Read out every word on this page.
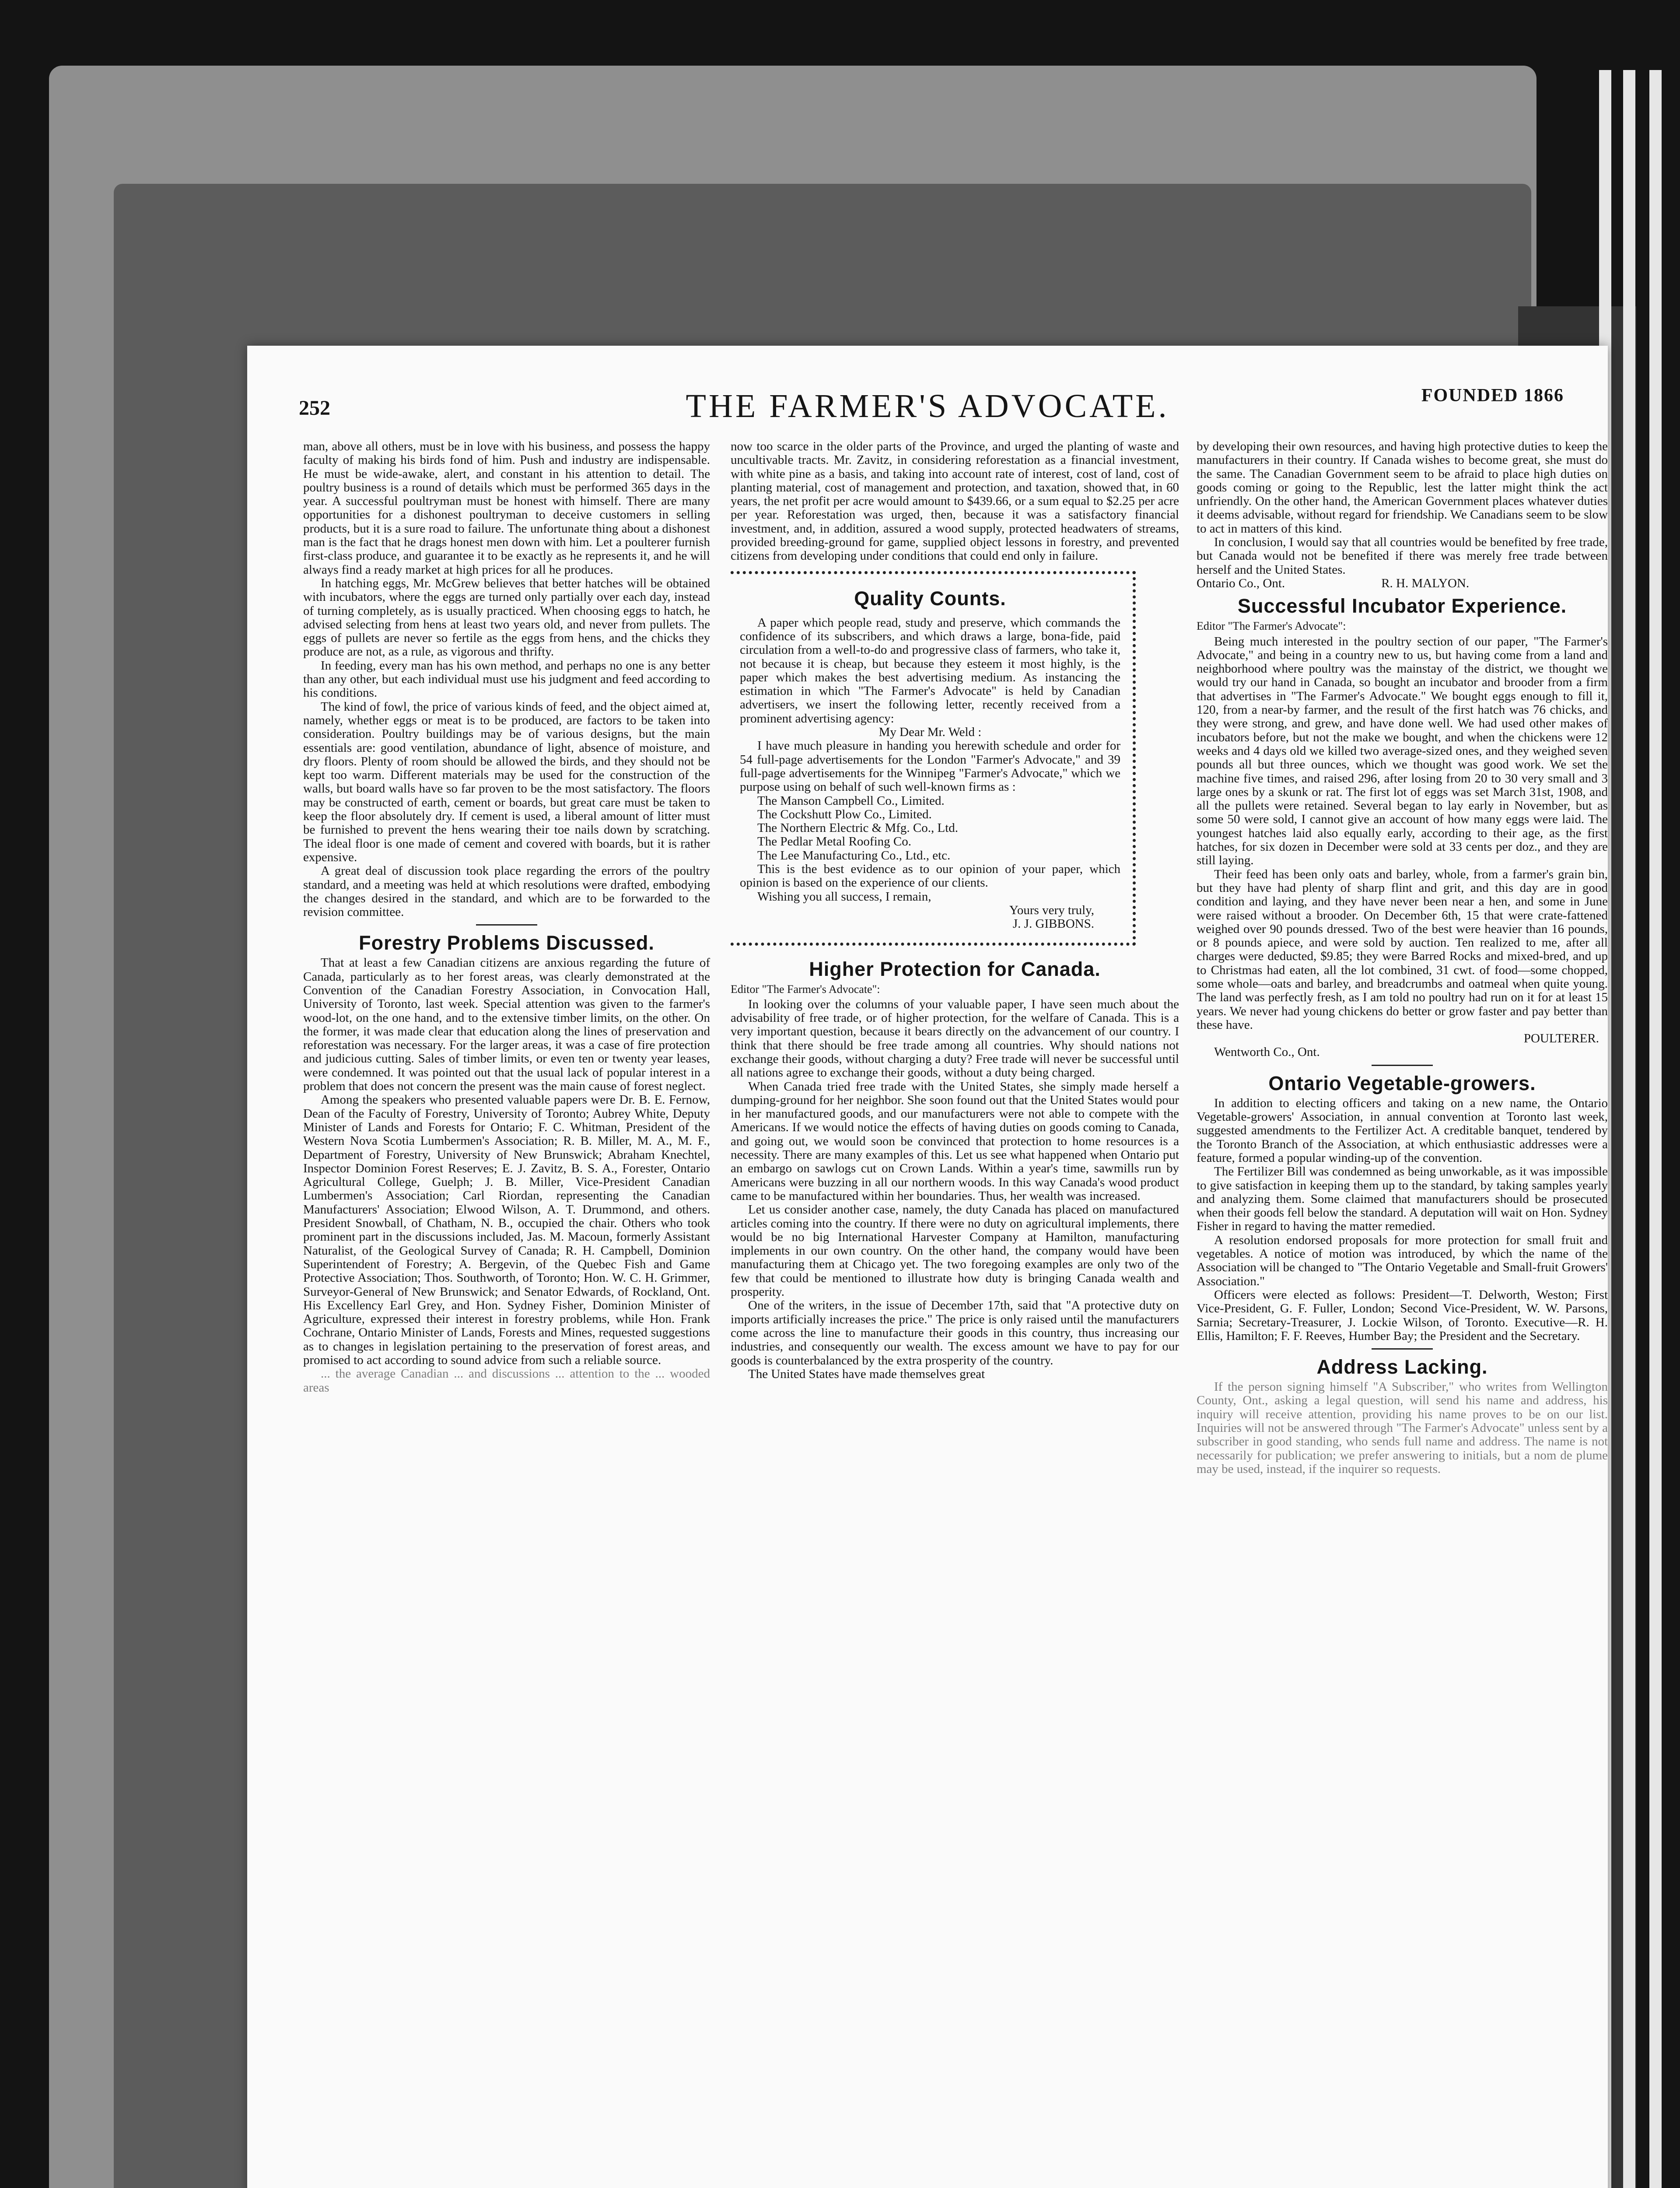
252	THE FARMER'S ADVOCATE.	FOUNDED 1866

man, above all others, must be in love with his business, and possess the happy faculty of making his birds fond of him. Push and industry are indispensable. He must be wide-awake, alert, and constant in his attention to detail. The poultry business is a round of details which must be performed 365 days in the year. A successful poultryman must be honest with himself. There are many opportunities for a dishonest poultryman to deceive customers in selling products, but it is a sure road to failure. The unfortunate thing about a dishonest man is the fact that he drags honest men down with him. Let a poulterer furnish first-class produce, and guarantee it to be exactly as he represents it, and he will always find a ready market at high prices for all he produces.

In hatching eggs, Mr. McGrew believes that better hatches will be obtained with incubators, where the eggs are turned only partially over each day, instead of turning completely, as is usually practiced. When choosing eggs to hatch, he advised selecting from hens at least two years old, and never from pullets. The eggs of pullets are never so fertile as the eggs from hens, and the chicks they produce are not, as a rule, as vigorous and thrifty.

In feeding, every man has his own method, and perhaps no one is any better than any other, but each individual must use his judgment and feed according to his conditions.

The kind of fowl, the price of various kinds of feed, and the object aimed at, namely, whether eggs or meat is to be produced, are factors to be taken into consideration. Poultry buildings may be of various designs, but the main essentials are: good ventilation, abundance of light, absence of moisture, and dry floors. Plenty of room should be allowed the birds, and they should not be kept too warm. Different materials may be used for the construction of the walls, but board walls have so far proven to be the most satisfactory. The floors may be constructed of earth, cement or boards, but great care must be taken to keep the floor absolutely dry. If cement is used, a liberal amount of litter must be furnished to prevent the hens wearing their toe nails down by scratching. The ideal floor is one made of cement and covered with boards, but it is rather expensive.

A great deal of discussion took place regarding the errors of the poultry standard, and a meeting was held at which resolutions were drafted, embodying the changes desired in the standard, and which are to be forwarded to the revision committee.

Forestry Problems Discussed.

That at least a few Canadian citizens are anxious regarding the future of Canada, particularly as to her forest areas, was clearly demonstrated at the Convention of the Canadian Forestry Association, in Convocation Hall, University of Toronto, last week. Special attention was given to the farmer's wood-lot, on the one hand, and to the extensive timber limits, on the other. On the former, it was made clear that education along the lines of preservation and reforestation was necessary. For the larger areas, it was a case of fire protection and judicious cutting. Sales of timber limits, or even ten or twenty year leases, were condemned. It was pointed out that the usual lack of popular interest in a problem that does not concern the present was the main cause of forest neglect.

Among the speakers who presented valuable papers were Dr. B. E. Fernow, Dean of the Faculty of Forestry, University of Toronto; Aubrey White, Deputy Minister of Lands and Forests for Ontario; F. C. Whitman, President of the Western Nova Scotia Lumbermen's Association; R. B. Miller, M. A., M. F., Department of Forestry, University of New Brunswick; Abraham Knechtel, Inspector Dominion Forest Reserves; E. J. Zavitz, B. S. A., Forester, Ontario Agricultural College, Guelph; J. B. Miller, Vice-President Canadian Lumbermen's Association; Carl Riordan, representing the Canadian Manufacturers' Association; Elwood Wilson, A. T. Drummond, and others. President Snowball, of Chatham, N. B., occupied the chair. Others who took prominent part in the discussions included, Jas. M. Macoun, formerly Assistant Naturalist, of the Geological Survey of Canada; R. H. Campbell, Dominion Superintendent of Forestry; A. Bergevin, of the Quebec Fish and Game Protective Association; Thos. Southworth, of Toronto; Hon. W. C. H. Grimmer, Surveyor-General of New Brunswick; and Senator Edwards, of Rockland, Ont. His Excellency Earl Grey, and Hon. Sydney Fisher, Dominion Minister of Agriculture, expressed their interest in forestry problems, while Hon. Frank Cochrane, Ontario Minister of Lands, Forests and Mines, requested suggestions as to changes in legislation pertaining to the preservation of forest areas, and promised to act according to sound advice from such a reliable source.

... the average Canadian ... and discussions ... attention to the ... wooded areas

now too scarce in the older parts of the Province, and urged the planting of waste and uncultivable tracts. Mr. Zavitz, in considering reforestation as a financial investment, with white pine as a basis, and taking into account rate of interest, cost of land, cost of planting material, cost of management and protection, and taxation, showed that, in 60 years, the net profit per acre would amount to $439.66, or a sum equal to $2.25 per acre per year. Reforestation was urged, then, because it was a satisfactory financial investment, and, in addition, assured a wood supply, protected headwaters of streams, provided breeding-ground for game, supplied object lessons in forestry, and prevented citizens from developing under conditions that could end only in failure.

Quality Counts.

A paper which people read, study and preserve, which commands the confidence of its subscribers, and which draws a large, bona-fide, paid circulation from a well-to-do and progressive class of farmers, who take it, not because it is cheap, but because they esteem it most highly, is the paper which makes the best advertising medium. As instancing the estimation in which "The Farmer's Advocate" is held by Canadian advertisers, we insert the following letter, recently received from a prominent advertising agency:

My Dear Mr. Weld :

I have much pleasure in handing you herewith schedule and order for 54 full-page advertisements for the London "Farmer's Advocate," and 39 full-page advertisements for the Winnipeg "Farmer's Advocate," which we purpose using on behalf of such well-known firms as :

The Manson Campbell Co., Limited.

The Cockshutt Plow Co., Limited.

The Northern Electric & Mfg. Co., Ltd.

The Pedlar Metal Roofing Co.

The Lee Manufacturing Co., Ltd., etc.

This is the best evidence as to our opinion of your paper, which opinion is based on the experience of our clients.

Wishing you all success, I remain,

Yours very truly,

J. J. GIBBONS.

Higher Protection for Canada.

Editor "The Farmer's Advocate":

In looking over the columns of your valuable paper, I have seen much about the advisability of free trade, or of higher protection, for the welfare of Canada. This is a very important question, because it bears directly on the advancement of our country. I think that there should be free trade among all countries. Why should nations not exchange their goods, without charging a duty? Free trade will never be successful until all nations agree to exchange their goods, without a duty being charged.

When Canada tried free trade with the United States, she simply made herself a dumping-ground for her neighbor. She soon found out that the United States would pour in her manufactured goods, and our manufacturers were not able to compete with the Americans. If we would notice the effects of having duties on goods coming to Canada, and going out, we would soon be convinced that protection to home resources is a necessity. There are many examples of this. Let us see what happened when Ontario put an embargo on sawlogs cut on Crown Lands. Within a year's time, sawmills run by Americans were buzzing in all our northern woods. In this way Canada's wood product came to be manufactured within her boundaries. Thus, her wealth was increased.

Let us consider another case, namely, the duty Canada has placed on manufactured articles coming into the country. If there were no duty on agricultural implements, there would be no big International Harvester Company at Hamilton, manufacturing implements in our own country. On the other hand, the company would have been manufacturing them at Chicago yet. The two foregoing examples are only two of the few that could be mentioned to illustrate how duty is bringing Canada wealth and prosperity.

One of the writers, in the issue of December 17th, said that "A protective duty on imports artificially increases the price." The price is only raised until the manufacturers come across the line to manufacture their goods in this country, thus increasing our industries, and consequently our wealth. The excess amount we have to pay for our goods is counterbalanced by the extra prosperity of the country.

The United States have made themselves great

by developing their own resources, and having high protective duties to keep the manufacturers in their country. If Canada wishes to become great, she must do the same. The Canadian Government seem to be afraid to place high duties on goods coming or going to the Republic, lest the latter might think the act unfriendly. On the other hand, the American Government places whatever duties it deems advisable, without regard for friendship. We Canadians seem to be slow to act in matters of this kind.

In conclusion, I would say that all countries would be benefited by free trade, but Canada would not be benefited if there was merely free trade between herself and the United States.

Ontario Co., Ont.	R. H. MALYON.

Successful Incubator Experience.

Editor "The Farmer's Advocate":

Being much interested in the poultry section of our paper, "The Farmer's Advocate," and being in a country new to us, but having come from a land and neighborhood where poultry was the mainstay of the district, we thought we would try our hand in Canada, so bought an incubator and brooder from a firm that advertises in "The Farmer's Advocate." We bought eggs enough to fill it, 120, from a near-by farmer, and the result of the first hatch was 76 chicks, and they were strong, and grew, and have done well. We had used other makes of incubators before, but not the make we bought, and when the chickens were 12 weeks and 4 days old we killed two average-sized ones, and they weighed seven pounds all but three ounces, which we thought was good work. We set the machine five times, and raised 296, after losing from 20 to 30 very small and 3 large ones by a skunk or rat. The first lot of eggs was set March 31st, 1908, and all the pullets were retained. Several began to lay early in November, but as some 50 were sold, I cannot give an account of how many eggs were laid. The youngest hatches laid also equally early, according to their age, as the first hatches, for six dozen in December were sold at 33 cents per doz., and they are still laying.

Their feed has been only oats and barley, whole, from a farmer's grain bin, but they have had plenty of sharp flint and grit, and this day are in good condition and laying, and they have never been near a hen, and some in June were raised without a brooder. On December 6th, 15 that were crate-fattened weighed over 90 pounds dressed. Two of the best were heavier than 16 pounds, or 8 pounds apiece, and were sold by auction. Ten realized to me, after all charges were deducted, $9.85; they were Barred Rocks and mixed-bred, and up to Christmas had eaten, all the lot combined, 31 cwt. of food—some chopped, some whole—oats and barley, and breadcrumbs and oatmeal when quite young. The land was perfectly fresh, as I am told no poultry had run on it for at least 15 years. We never had young chickens do better or grow faster and pay better than these have.

POULTERER.

Wentworth Co., Ont.

Ontario Vegetable-growers.

In addition to electing officers and taking on a new name, the Ontario Vegetable-growers' Association, in annual convention at Toronto last week, suggested amendments to the Fertilizer Act. A creditable banquet, tendered by the Toronto Branch of the Association, at which enthusiastic addresses were a feature, formed a popular winding-up of the convention.

The Fertilizer Bill was condemned as being unworkable, as it was impossible to give satisfaction in keeping them up to the standard, by taking samples yearly and analyzing them. Some claimed that manufacturers should be prosecuted when their goods fell below the standard. A deputation will wait on Hon. Sydney Fisher in regard to having the matter remedied.

A resolution endorsed proposals for more protection for small fruit and vegetables. A notice of motion was introduced, by which the name of the Association will be changed to "The Ontario Vegetable and Small-fruit Growers' Association."

Officers were elected as follows: President—T. Delworth, Weston; First Vice-President, G. F. Fuller, London; Second Vice-President, W. W. Parsons, Sarnia; Secretary-Treasurer, J. Lockie Wilson, of Toronto. Executive—R. H. Ellis, Hamilton; F. F. Reeves, Humber Bay; the President and the Secretary.

Address Lacking.

If the person signing himself "A Subscriber," who writes from Wellington County, Ont., asking a legal question, will send his name and address, his inquiry will receive attention, providing his name proves to be on our list. Inquiries will not be answered through "The Farmer's Advocate" unless sent by a subscriber in good standing, who sends full name and address. The name is not necessarily for publication; we prefer answering to initials, but a nom de plume may be used, instead, if the inquirer so requests.
